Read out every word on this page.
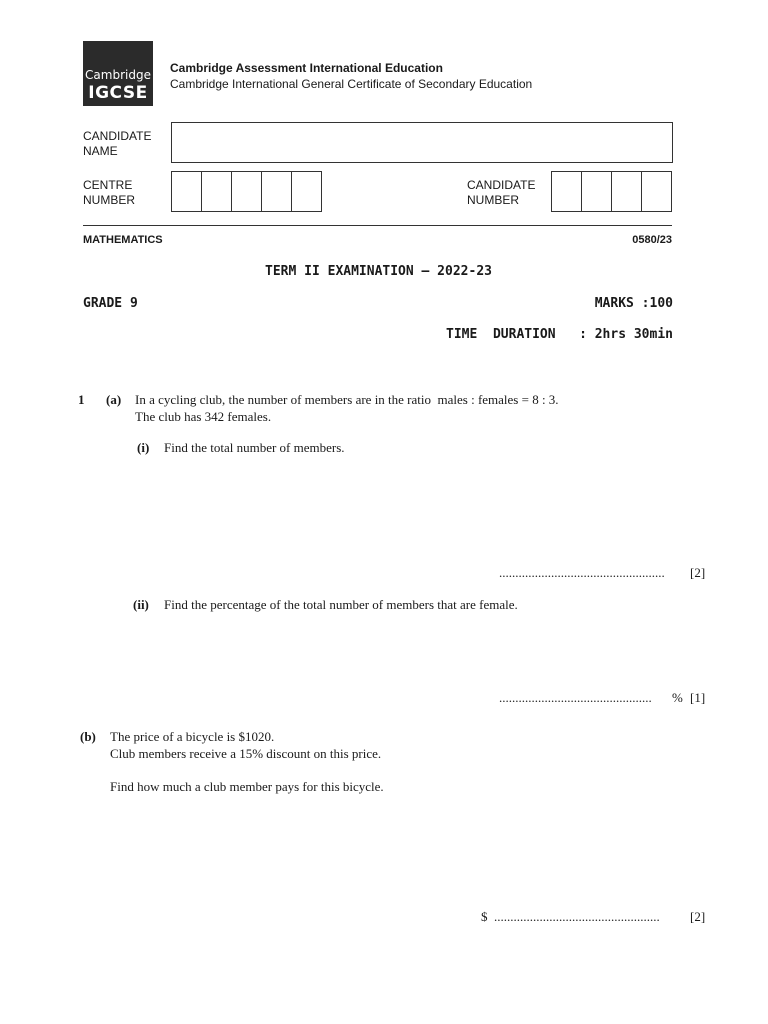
Cambridge
IGCSE
Cambridge Assessment International Education
Cambridge International General Certificate of Secondary Education
CANDIDATE
NAME
CENTRE
NUMBER
CANDIDATE
NUMBER
MATHEMATICS	0580/23
TERM II EXAMINATION – 2022-23
GRADE 9	MARKS :100
TIME  DURATION   : 2hrs 30min
1 (a) In a cycling club, the number of members are in the ratio  males : females = 8 : 3.
The club has 342 females.
(i) Find the total number of members.
................................................... [2]
(ii) Find the percentage of the total number of members that are female.
............................................... % [1]
(b) The price of a bicycle is $1020.
Club members receive a 15% discount on this price.
Find how much a club member pays for this bicycle.
$ ................................................... [2]
